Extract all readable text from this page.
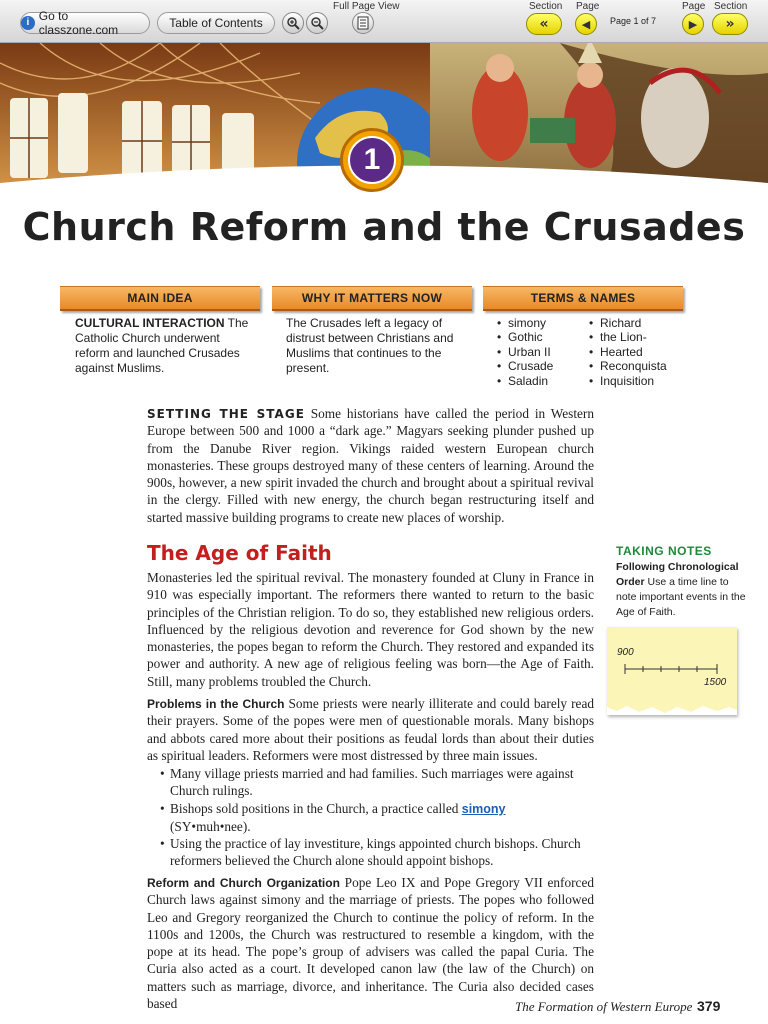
i Go to classzone.com	Table of Contents
Full Page View	Section Page
«	◀ Page 1 of 7
Page Section
▶ »
1
Church Reform and the Crusades
MAIN IDEA	WHY IT MATTERS NOW	TERMS & NAMES
CULTURAL INTERACTION The Catholic Church underwent reform and launched Crusades against Muslims.
The Crusades left a legacy of distrust between Christians and Muslims that continues to the present.
• simony
• Gothic
• Urban II
• Crusade
• Saladin
• Richard
• the Lion-
• Hearted
• Reconquista
• Inquisition
SETTING THE STAGE Some historians have called the period in Western Europe between 500 and 1000 a “dark age.” Magyars seeking plunder pushed up from the Danube River region. Vikings raided western European church monasteries. These groups destroyed many of these centers of learning. Around the 900s, however, a new spirit invaded the church and brought about a spiritual revival in the clergy. Filled with new energy, the church began restructuring itself and started massive building programs to create new places of worship.
The Age of Faith
Monasteries led the spiritual revival. The monastery founded at Cluny in France in 910 was especially important. The reformers there wanted to return to the basic principles of the Christian religion. To do so, they established new religious orders. Influenced by the religious devotion and reverence for God shown by the new monasteries, the popes began to reform the Church. They restored and expanded its power and authority. A new age of religious feeling was born—the Age of Faith. Still, many problems troubled the Church.
Problems in the Church Some priests were nearly illiterate and could barely read their prayers. Some of the popes were men of questionable morals. Many bishops and abbots cared more about their positions as feudal lords than about their duties as spiritual leaders. Reformers were most distressed by three main issues.
• Many village priests married and had families. Such marriages were against Church rulings.
• Bishops sold positions in the Church, a practice called simony
(SY•muh•nee).
• Using the practice of lay investiture, kings appointed church bishops. Church reformers believed the Church alone should appoint bishops.
Reform and Church Organization Pope Leo IX and Pope Gregory VII enforced Church laws against simony and the marriage of priests. The popes who followed Leo and Gregory reorganized the Church to continue the policy of reform. In the 1100s and 1200s, the Church was restructured to resemble a kingdom, with the pope at its head. The pope’s group of advisers was called the papal Curia. The Curia also acted as a court. It developed canon law (the law of the Church) on matters such as marriage, divorce, and inheritance. The Curia also decided cases based
TAKING NOTES
Following Chronological Order Use a time line to note important events in the Age of Faith.
900
1500
The Formation of Western Europe 379
